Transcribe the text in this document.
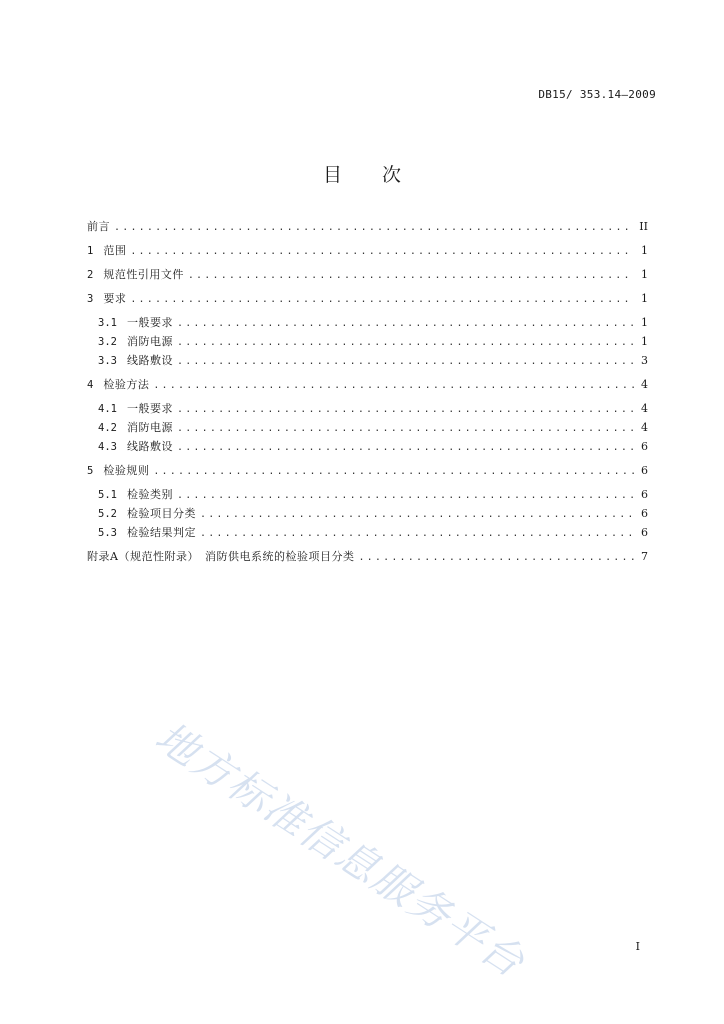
DB15/ 353.14—2009
目 次
前言 .....	II
1 范围 .....	1
2 规范性引用文件 .....	1
3 要求 .....	1
3.1 一般要求 .....	1
3.2 消防电源 .....	1
3.3 线路敷设 .....	3
4 检验方法 .....	4
4.1 一般要求 .....	4
4.2 消防电源 .....	4
4.3 线路敷设 .....	6
5 检验规则 .....	6
5.1 检验类别 .....	6
5.2 检验项目分类 .....	6
5.3 检验结果判定 .....	6
附录A（规范性附录）　消防供电系统的检验项目分类 .....	7
地方标准信息服务平台	I
